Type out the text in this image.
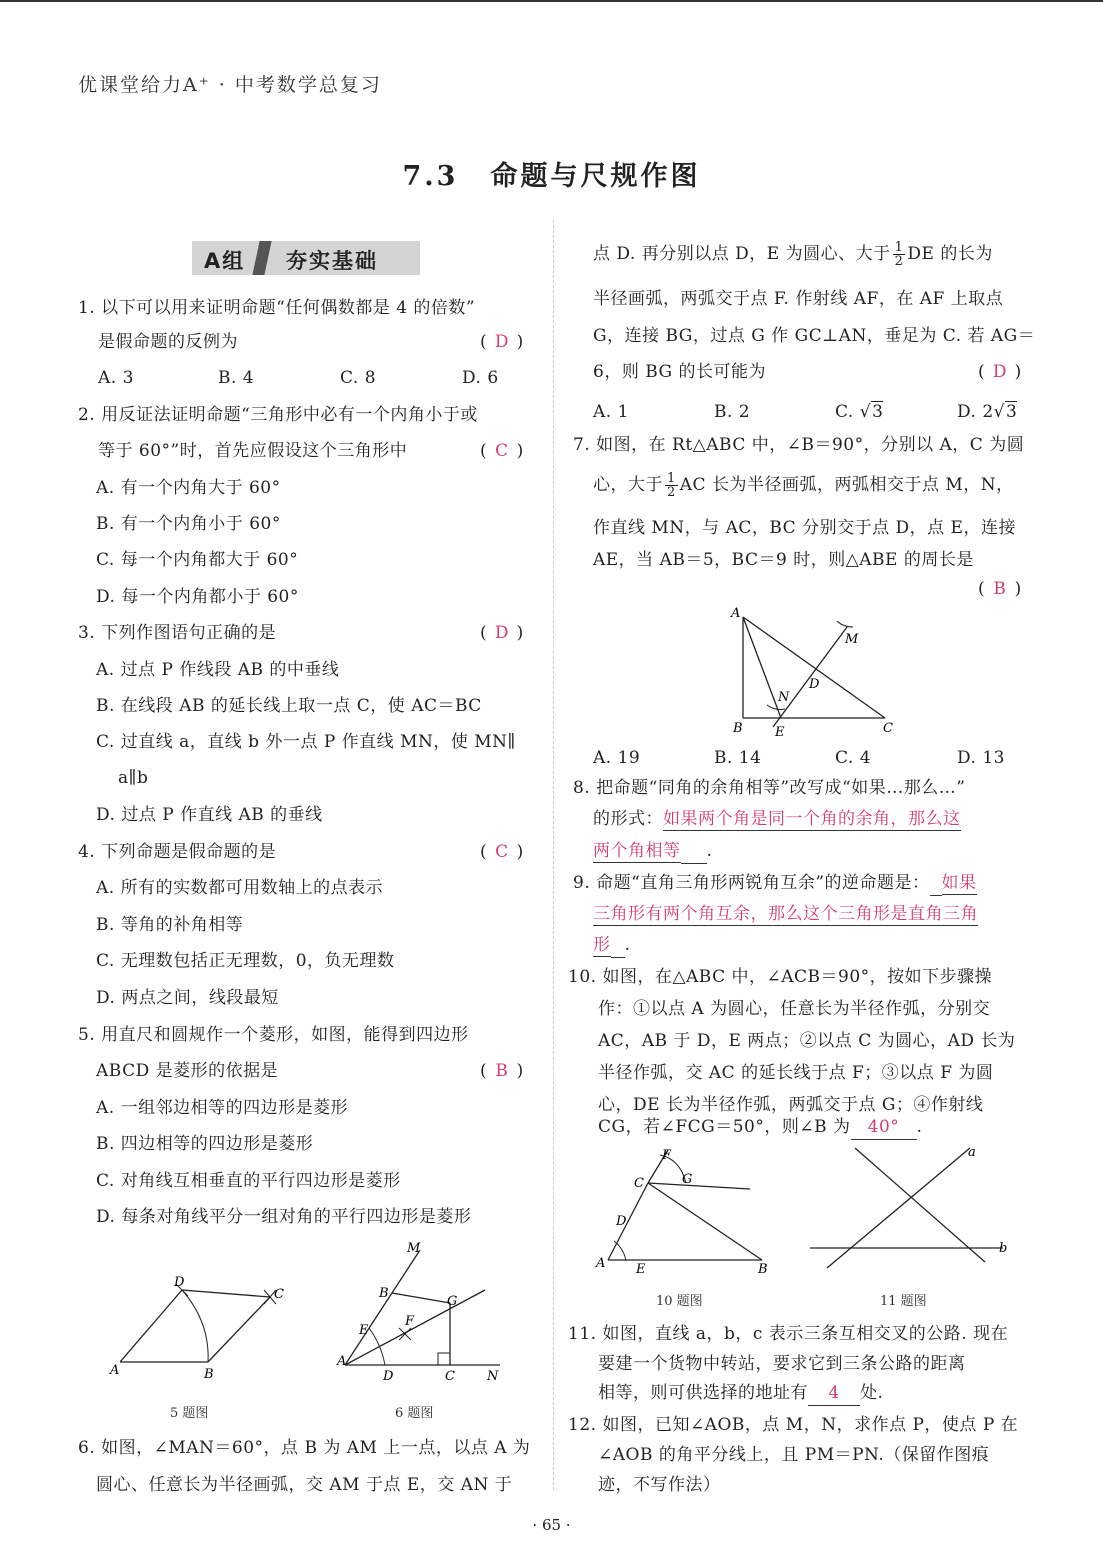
优课堂给力A⁺ · 中考数学总复习
7.3 命题与尺规作图
A组 夯实基础
1. 以下可以用来证明命题“任何偶数都是 4 的倍数”
是假命题的反例为	( D )
A. 3	B. 4	C. 8	D. 6
2. 用反证法证明命题“三角形中必有一个内角小于或
等于 60°”时，首先应假设这个三角形中	( C )
A. 有一个内角大于 60°
B. 有一个内角小于 60°
C. 每一个内角都大于 60°
D. 每一个内角都小于 60°
3. 下列作图语句正确的是	( D )
A. 过点 P 作线段 AB 的中垂线
B. 在线段 AB 的延长线上取一点 C，使 AC＝BC
C. 过直线 a，直线 b 外一点 P 作直线 MN，使 MN∥
a∥b
D. 过点 P 作直线 AB 的垂线
4. 下列命题是假命题的是	( C )
A. 所有的实数都可用数轴上的点表示
B. 等角的补角相等
C. 无理数包括正无理数，0，负无理数
D. 两点之间，线段最短
5. 用直尺和圆规作一个菱形，如图，能得到四边形
ABCD 是菱形的依据是	( B )
A. 一组邻边相等的四边形是菱形
B. 四边相等的四边形是菱形
C. 对角线互相垂直的平行四边形是菱形
D. 每条对角线平分一组对角的平行四边形是菱形
D
C
A	B
5 题图
M
B
G
E
F
A
D	C N
6 题图
6. 如图，∠MAN＝60°，点 B 为 AM 上一点，以点 A 为
圆心、任意长为半径画弧，交 AM 于点 E，交 AN 于
点 D. 再分别以点 D，E 为圆心、大于 $\frac{1}{2}$ DE 的长为
半径画弧，两弧交于点 F. 作射线 AF，在 AF 上取点
G，连接 BG，过点 G 作 GC⊥AN，垂足为 C. 若 AG＝
6，则 BG 的长可能为	( D )
A. 1	B. 2	C. √3	D. 2√3
7. 如图，在 Rt△ABC 中，∠B＝90°，分别以 A，C 为圆
心，大于 $\frac{1}{2}$ AC 长为半径画弧，两弧相交于点 M，N，
作直线 MN，与 AC，BC 分别交于点 D，点 E，连接
AE，当 AB＝5，BC＝9 时，则△ABE 的周长是
( B )
A
M
D
N
B E	C
A. 19	B. 14	C. 4	D. 13
8. 把命题“同角的余角相等”改写成“如果…那么…”
的形式：如果两个角是同一个角的余角，那么这
两个角相等 .
9. 命题“直角三角形两锐角互余”的逆命题是： 如果
三角形有两个角互余，那么这个三角形是直角三角
形 .
10. 如图，在△ABC 中，∠ACB＝90°，按如下步骤操
作：①以点 A 为圆心，任意长为半径作弧，分别交
AC，AB 于 D，E 两点；②以点 C 为圆心，AD 长为
半径作弧，交 AC 的延长线于点 F；③以点 F 为圆
心，DE 长为半径作弧，两弧交于点 G；④作射线
CG，若∠FCG＝50°，则∠B 为 40° .
F
G
C
D
A E	B
10 题图
a
b
11 题图
11. 如图，直线 a，b，c 表示三条互相交叉的公路. 现在
要建一个货物中转站，要求它到三条公路的距离
相等，则可供选择的地址有 4 处.
12. 如图，已知∠AOB，点 M，N，求作点 P，使点 P 在
∠AOB 的角平分线上，且 PM＝PN.（保留作图痕
迹，不写作法）
· 65 ·
